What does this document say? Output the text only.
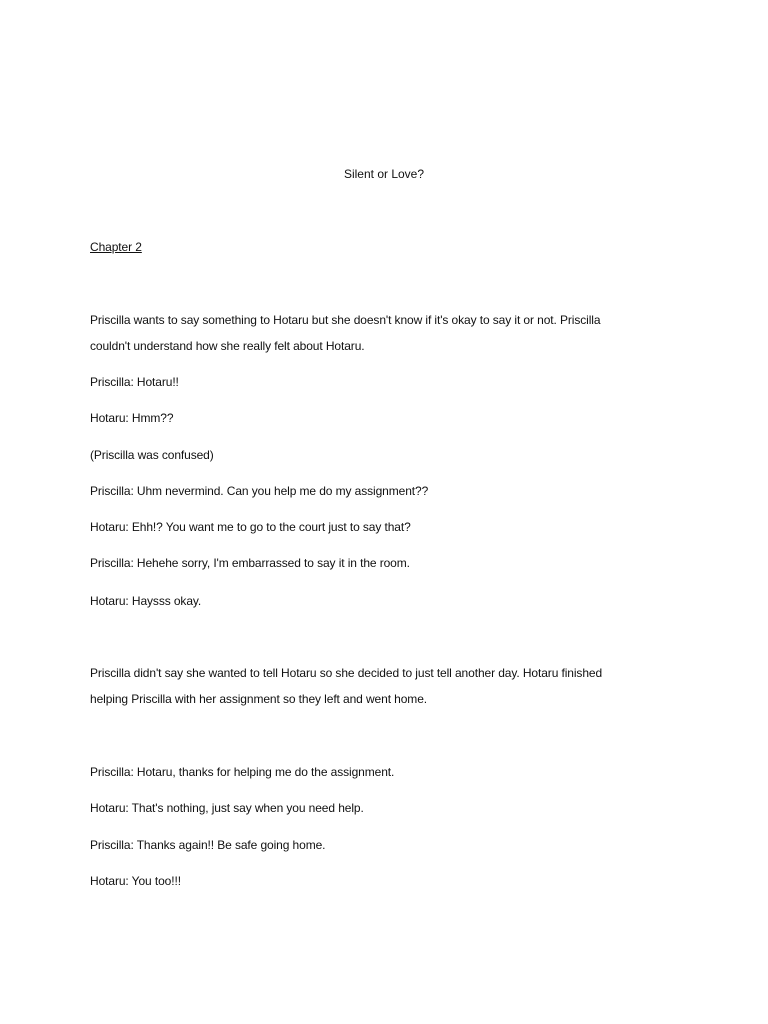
Silent or Love?
Chapter 2
Priscilla wants to say something to Hotaru but she doesn't know if it's okay to say it or not. Priscilla
couldn't understand how she really felt about Hotaru.
Priscilla: Hotaru!!
Hotaru: Hmm??
(Priscilla was confused)
Priscilla: Uhm nevermind. Can you help me do my assignment??
Hotaru: Ehh!? You want me to go to the court just to say that?
Priscilla: Hehehe sorry, I'm embarrassed to say it in the room.
Hotaru: Haysss okay.
Priscilla didn't say she wanted to tell Hotaru so she decided to just tell another day. Hotaru finished
helping Priscilla with her assignment so they left and went home.
Priscilla: Hotaru, thanks for helping me do the assignment.
Hotaru: That's nothing, just say when you need help.
Priscilla: Thanks again!! Be safe going home.
Hotaru: You too!!!
